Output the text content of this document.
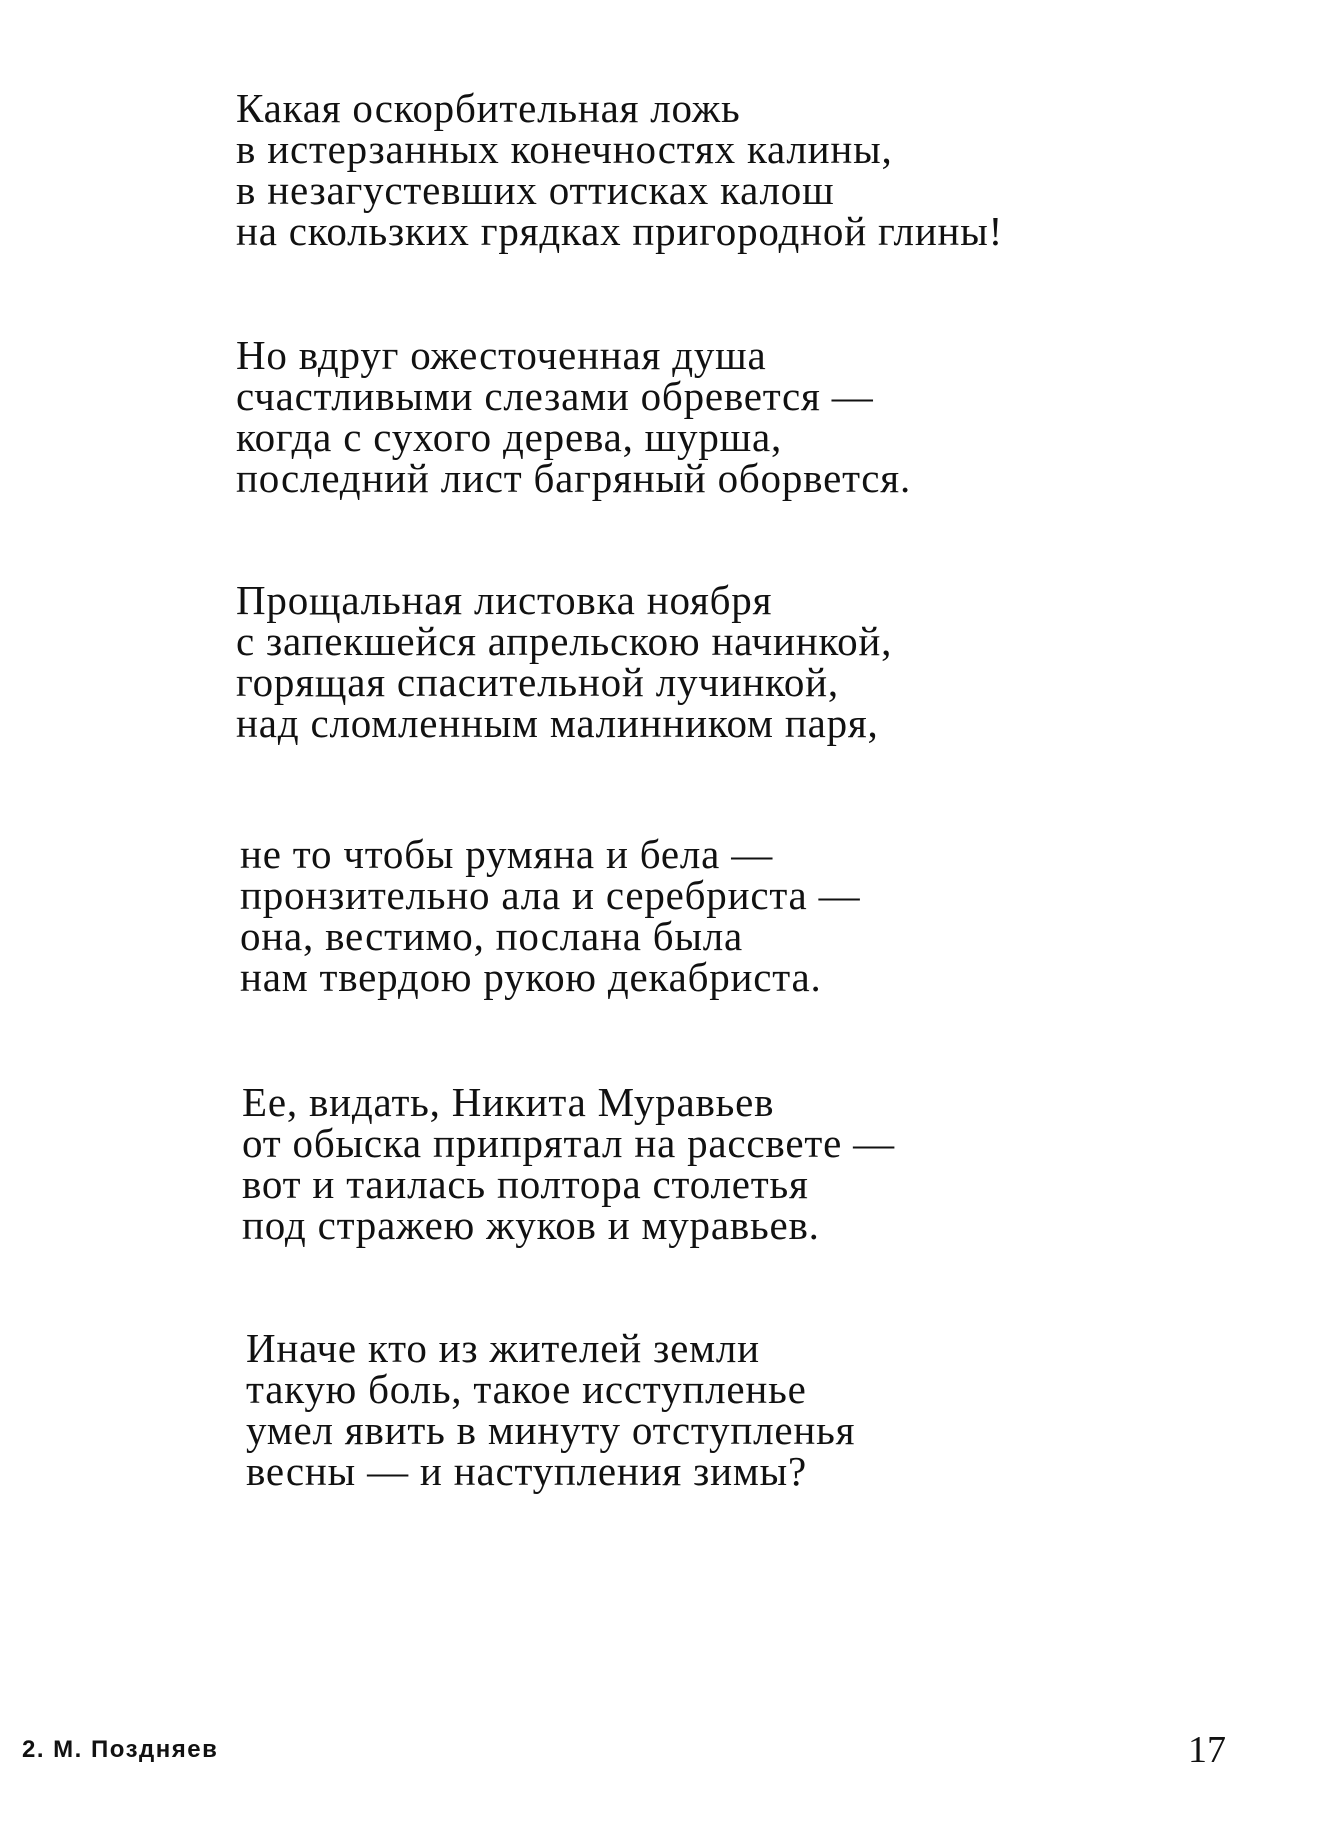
Какая оскорбительная ложь
в истерзанных конечностях калины,
в незагустевших оттисках калош
на скользких грядках пригородной глины!
Но вдруг ожесточенная душа
счастливыми слезами обревется —
когда с сухого дерева, шурша,
последний лист багряный оборвется.
Прощальная листовка ноября
с запекшейся апрельскою начинкой,
горящая спасительной лучинкой,
над сломленным малинником паря,
не то чтобы румяна и бела —
пронзительно ала и серебриста —
она, вестимо, послана была
нам твердою рукою декабриста.
Ее, видать, Никита Муравьев
от обыска припрятал на рассвете —
вот и таилась полтора столетья
под стражею жуков и муравьев.
Иначе кто из жителей земли
такую боль, такое исступленье
умел явить в минуту отступленья
весны — и наступления зимы?
2. М. Поздняев	17
